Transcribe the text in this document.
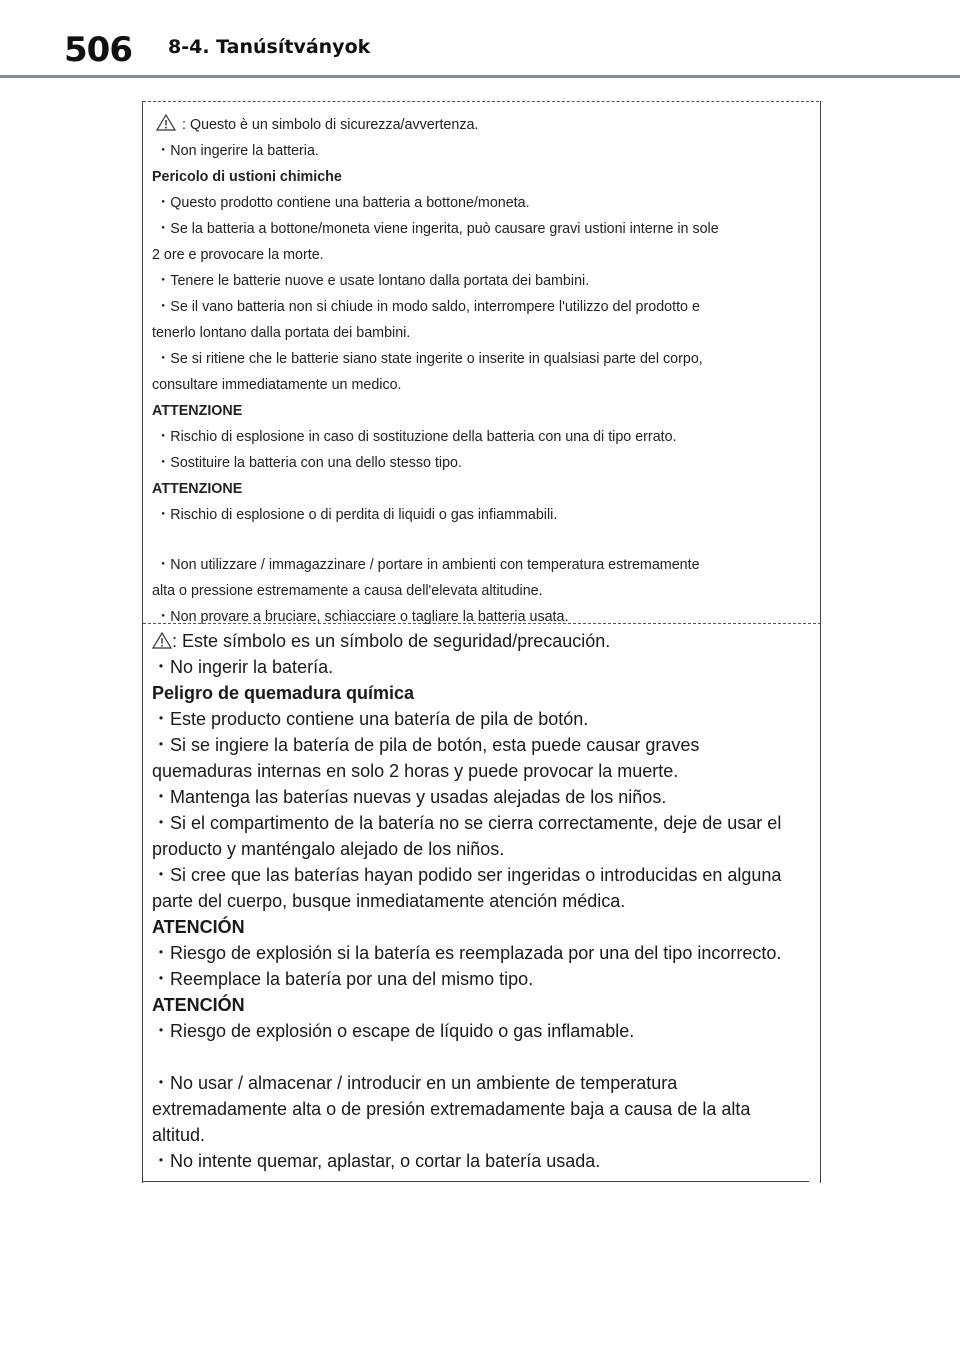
506 8-4. Tanúsítványok
: Questo è un simbolo di sicurezza/avvertenza.
・Non ingerire la batteria.
Pericolo di ustioni chimiche
・Questo prodotto contiene una batteria a bottone/moneta.
・Se la batteria a bottone/moneta viene ingerita, può causare gravi ustioni interne in sole
2 ore e provocare la morte.
・Tenere le batterie nuove e usate lontano dalla portata dei bambini.
・Se il vano batteria non si chiude in modo saldo, interrompere l'utilizzo del prodotto e
tenerlo lontano dalla portata dei bambini.
・Se si ritiene che le batterie siano state ingerite o inserite in qualsiasi parte del corpo,
consultare immediatamente un medico.
ATTENZIONE
・Rischio di esplosione in caso di sostituzione della batteria con una di tipo errato.
・Sostituire la batteria con una dello stesso tipo.
ATTENZIONE
・Rischio di esplosione o di perdita di liquidi o gas infiammabili.
・Non utilizzare / immagazzinare / portare in ambienti con temperatura estremamente
alta o pressione estremamente a causa dell'elevata altitudine.
・Non provare a bruciare, schiacciare o tagliare la batteria usata.
: Este símbolo es un símbolo de seguridad/precaución.
・No ingerir la batería.
Peligro de quemadura química
・Este producto contiene una batería de pila de botón.
・Si se ingiere la batería de pila de botón, esta puede causar graves
quemaduras internas en solo 2 horas y puede provocar la muerte.
・Mantenga las baterías nuevas y usadas alejadas de los niños.
・Si el compartimento de la batería no se cierra correctamente, deje de usar el
producto y manténgalo alejado de los niños.
・Si cree que las baterías hayan podido ser ingeridas o introducidas en alguna
parte del cuerpo, busque inmediatamente atención médica.
ATENCIÓN
・Riesgo de explosión si la batería es reemplazada por una del tipo incorrecto.
・Reemplace la batería por una del mismo tipo.
ATENCIÓN
・Riesgo de explosión o escape de líquido o gas inflamable.
・No usar / almacenar / introducir en un ambiente de temperatura
extremadamente alta o de presión extremadamente baja a causa de la alta
altitud.
・No intente quemar, aplastar, o cortar la batería usada.
